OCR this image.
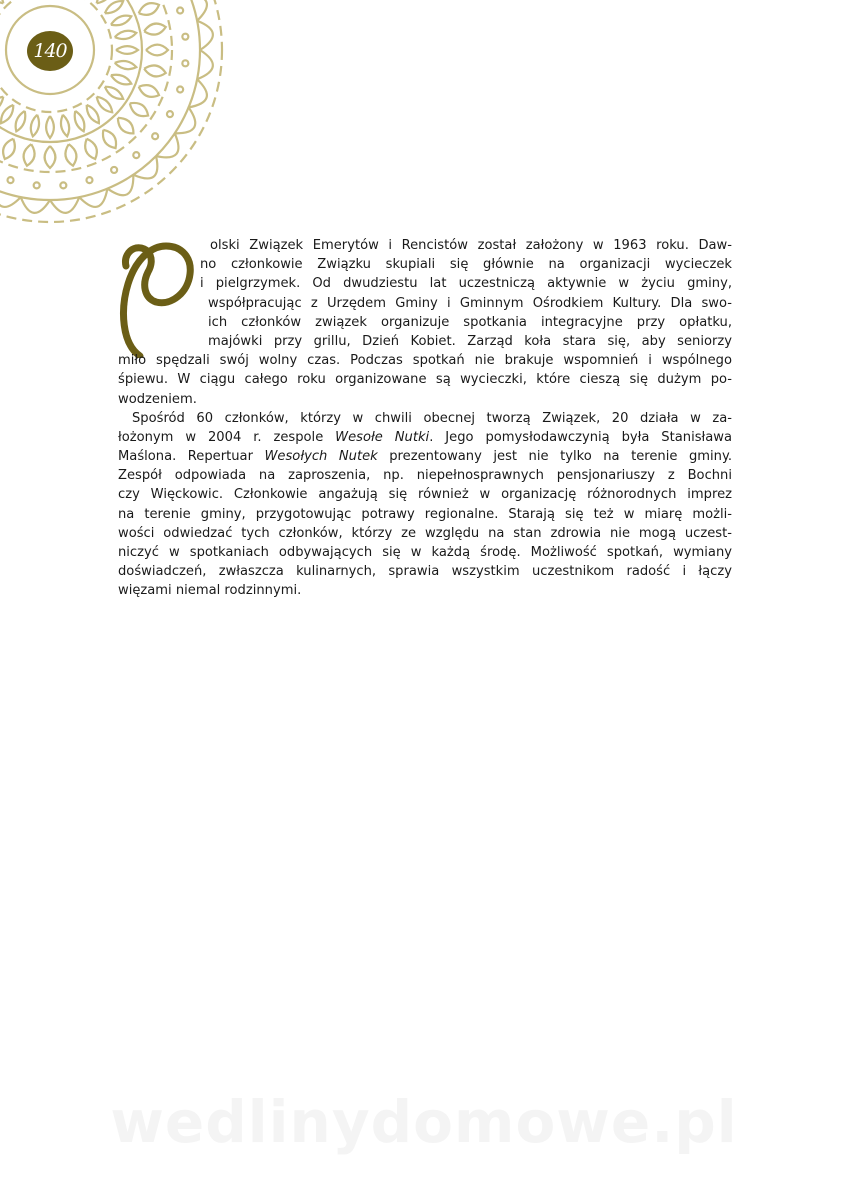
140
olski Związek Emerytów i Rencistów został założony w 1963 roku. Daw-
no członkowie Związku skupiali się głównie na organizacji wycieczek
i pielgrzymek. Od dwudziestu lat uczestniczą aktywnie w życiu gminy,
współpracując z Urzędem Gminy i Gminnym Ośrodkiem Kultury. Dla swo-
ich członków związek organizuje spotkania integracyjne przy opłatku,
majówki przy grillu, Dzień Kobiet. Zarząd koła stara się, aby seniorzy
miło spędzali swój wolny czas. Podczas spotkań nie brakuje wspomnień i wspólnego
śpiewu. W ciągu całego roku organizowane są wycieczki, które cieszą się dużym po-
wodzeniem.
Spośród 60 członków, którzy w chwili obecnej tworzą Związek, 20 działa w za-
łożonym w 2004 r. zespole Wesołe Nutki. Jego pomysłodawczynią była Stanisława
Maślona. Repertuar Wesołych Nutek prezentowany jest nie tylko na terenie gminy.
Zespół odpowiada na zaproszenia, np. niepełnosprawnych pensjonariuszy z Bochni
czy Więckowic. Członkowie angażują się również w organizację różnorodnych imprez
na terenie gminy, przygotowując potrawy regionalne. Starają się też w miarę możli-
wości odwiedzać tych członków, którzy ze względu na stan zdrowia nie mogą uczest-
niczyć w spotkaniach odbywających się w każdą środę. Możliwość spotkań, wymiany
doświadczeń, zwłaszcza kulinarnych, sprawia wszystkim uczestnikom radość i łączy
więzami niemal rodzinnymi.
wedlinydomowe.pl
